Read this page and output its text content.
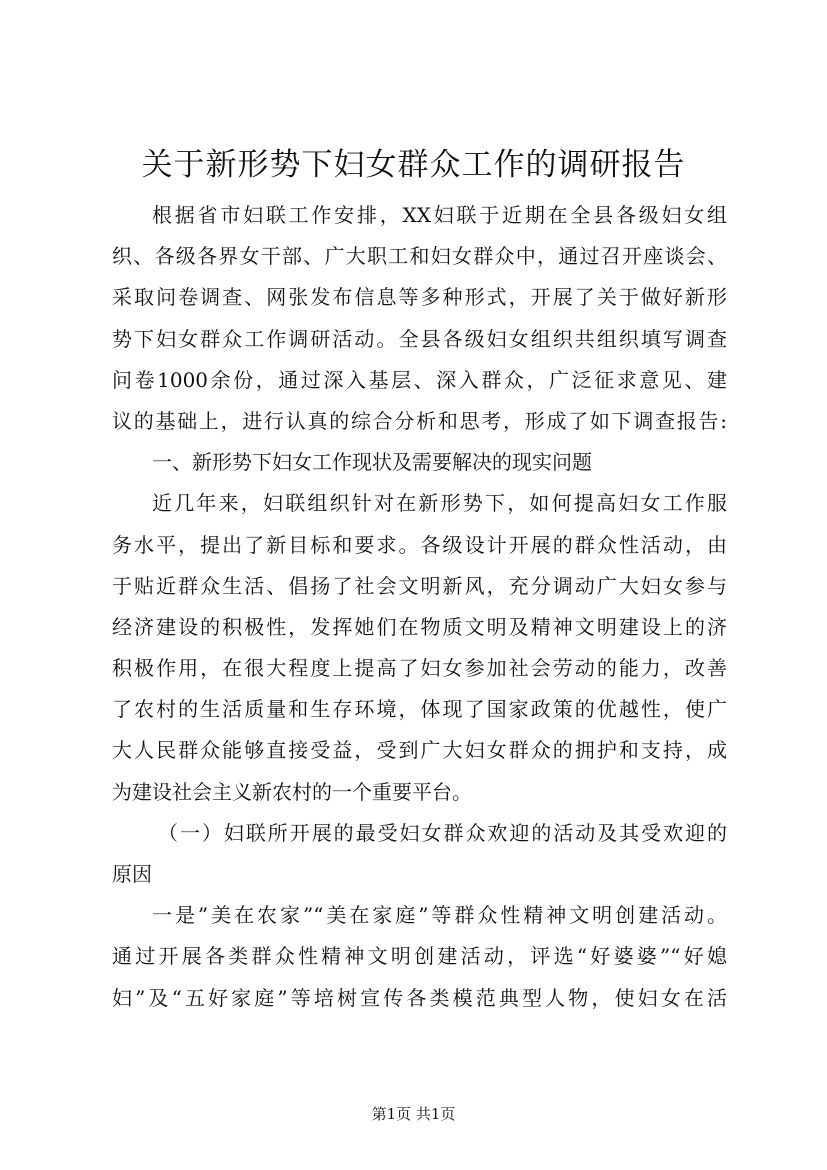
关于新形势下妇女群众工作的调研报告
根据省市妇联工作安排，XX妇联于近期在全县各级妇女组
织、各级各界女干部、广大职工和妇女群众中，通过召开座谈会、
采取问卷调查、网张发布信息等多种形式，开展了关于做好新形
势下妇女群众工作调研活动。全县各级妇女组织共组织填写调查
问卷1000余份，通过深入基层、深入群众，广泛征求意见、建
议的基础上，进行认真的综合分析和思考，形成了如下调查报告:
一、新形势下妇女工作现状及需要解决的现实问题
近几年来，妇联组织针对在新形势下，如何提高妇女工作服
务水平，提出了新目标和要求。各级设计开展的群众性活动，由
于贴近群众生活、倡扬了社会文明新风，充分调动广大妇女参与
经济建设的积极性，发挥她们在物质文明及精神文明建设上的济
积极作用，在很大程度上提高了妇女参加社会劳动的能力，改善
了农村的生活质量和生存环境，体现了国家政策的优越性，使广
大人民群众能够直接受益，受到广大妇女群众的拥护和支持，成
为建设社会主义新农村的一个重要平台。
（一）妇联所开展的最受妇女群众欢迎的活动及其受欢迎的
原因
一是”美在农家”“美在家庭”等群众性精神文明创建活动。
通过开展各类群众性精神文明创建活动，评选“好婆婆”“好媳
妇”及“五好家庭”等培树宣传各类模范典型人物，使妇女在活
第1页 共1页
